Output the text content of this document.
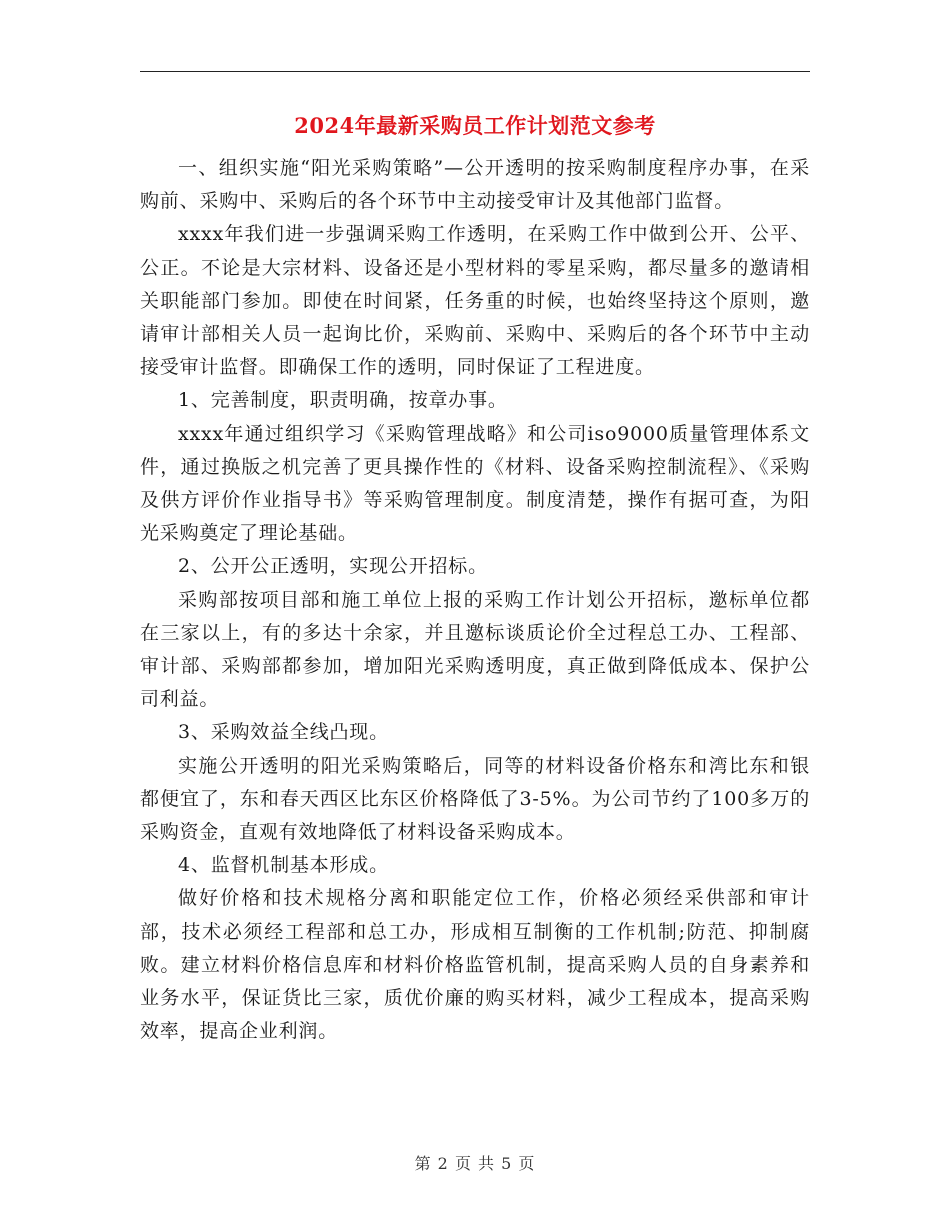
2024年最新采购员工作计划范文参考

一、组织实施“阳光采购策略”—公开透明的按采购制度程序办事，在采购前、采购中、采购后的各个环节中主动接受审计及其他部门监督。

xxxx年我们进一步强调采购工作透明，在采购工作中做到公开、公平、公正。不论是大宗材料、设备还是小型材料的零星采购，都尽量多的邀请相关职能部门参加。即使在时间紧，任务重的时候，也始终坚持这个原则，邀请审计部相关人员一起询比价，采购前、采购中、采购后的各个环节中主动接受审计监督。即确保工作的透明，同时保证了工程进度。

1、完善制度，职责明确，按章办事。

xxxx年通过组织学习《采购管理战略》和公司iso9000质量管理体系文件，通过换版之机完善了更具操作性的《材料、设备采购控制流程》、《采购及供方评价作业指导书》等采购管理制度。制度清楚，操作有据可查，为阳光采购奠定了理论基础。

2、公开公正透明，实现公开招标。

采购部按项目部和施工单位上报的采购工作计划公开招标，邀标单位都在三家以上，有的多达十余家，并且邀标谈质论价全过程总工办、工程部、审计部、采购部都参加，增加阳光采购透明度，真正做到降低成本、保护公司利益。

3、采购效益全线凸现。

实施公开透明的阳光采购策略后，同等的材料设备价格东和湾比东和银都便宜了，东和春天西区比东区价格降低了3-5%。为公司节约了100多万的采购资金，直观有效地降低了材料设备采购成本。

4、监督机制基本形成。

做好价格和技术规格分离和职能定位工作，价格必须经采供部和审计部，技术必须经工程部和总工办，形成相互制衡的工作机制;防范、抑制腐败。建立材料价格信息库和材料价格监管机制，提高采购人员的自身素养和业务水平，保证货比三家，质优价廉的购买材料，减少工程成本，提高采购效率，提高企业利润。

第 2 页 共 5 页
